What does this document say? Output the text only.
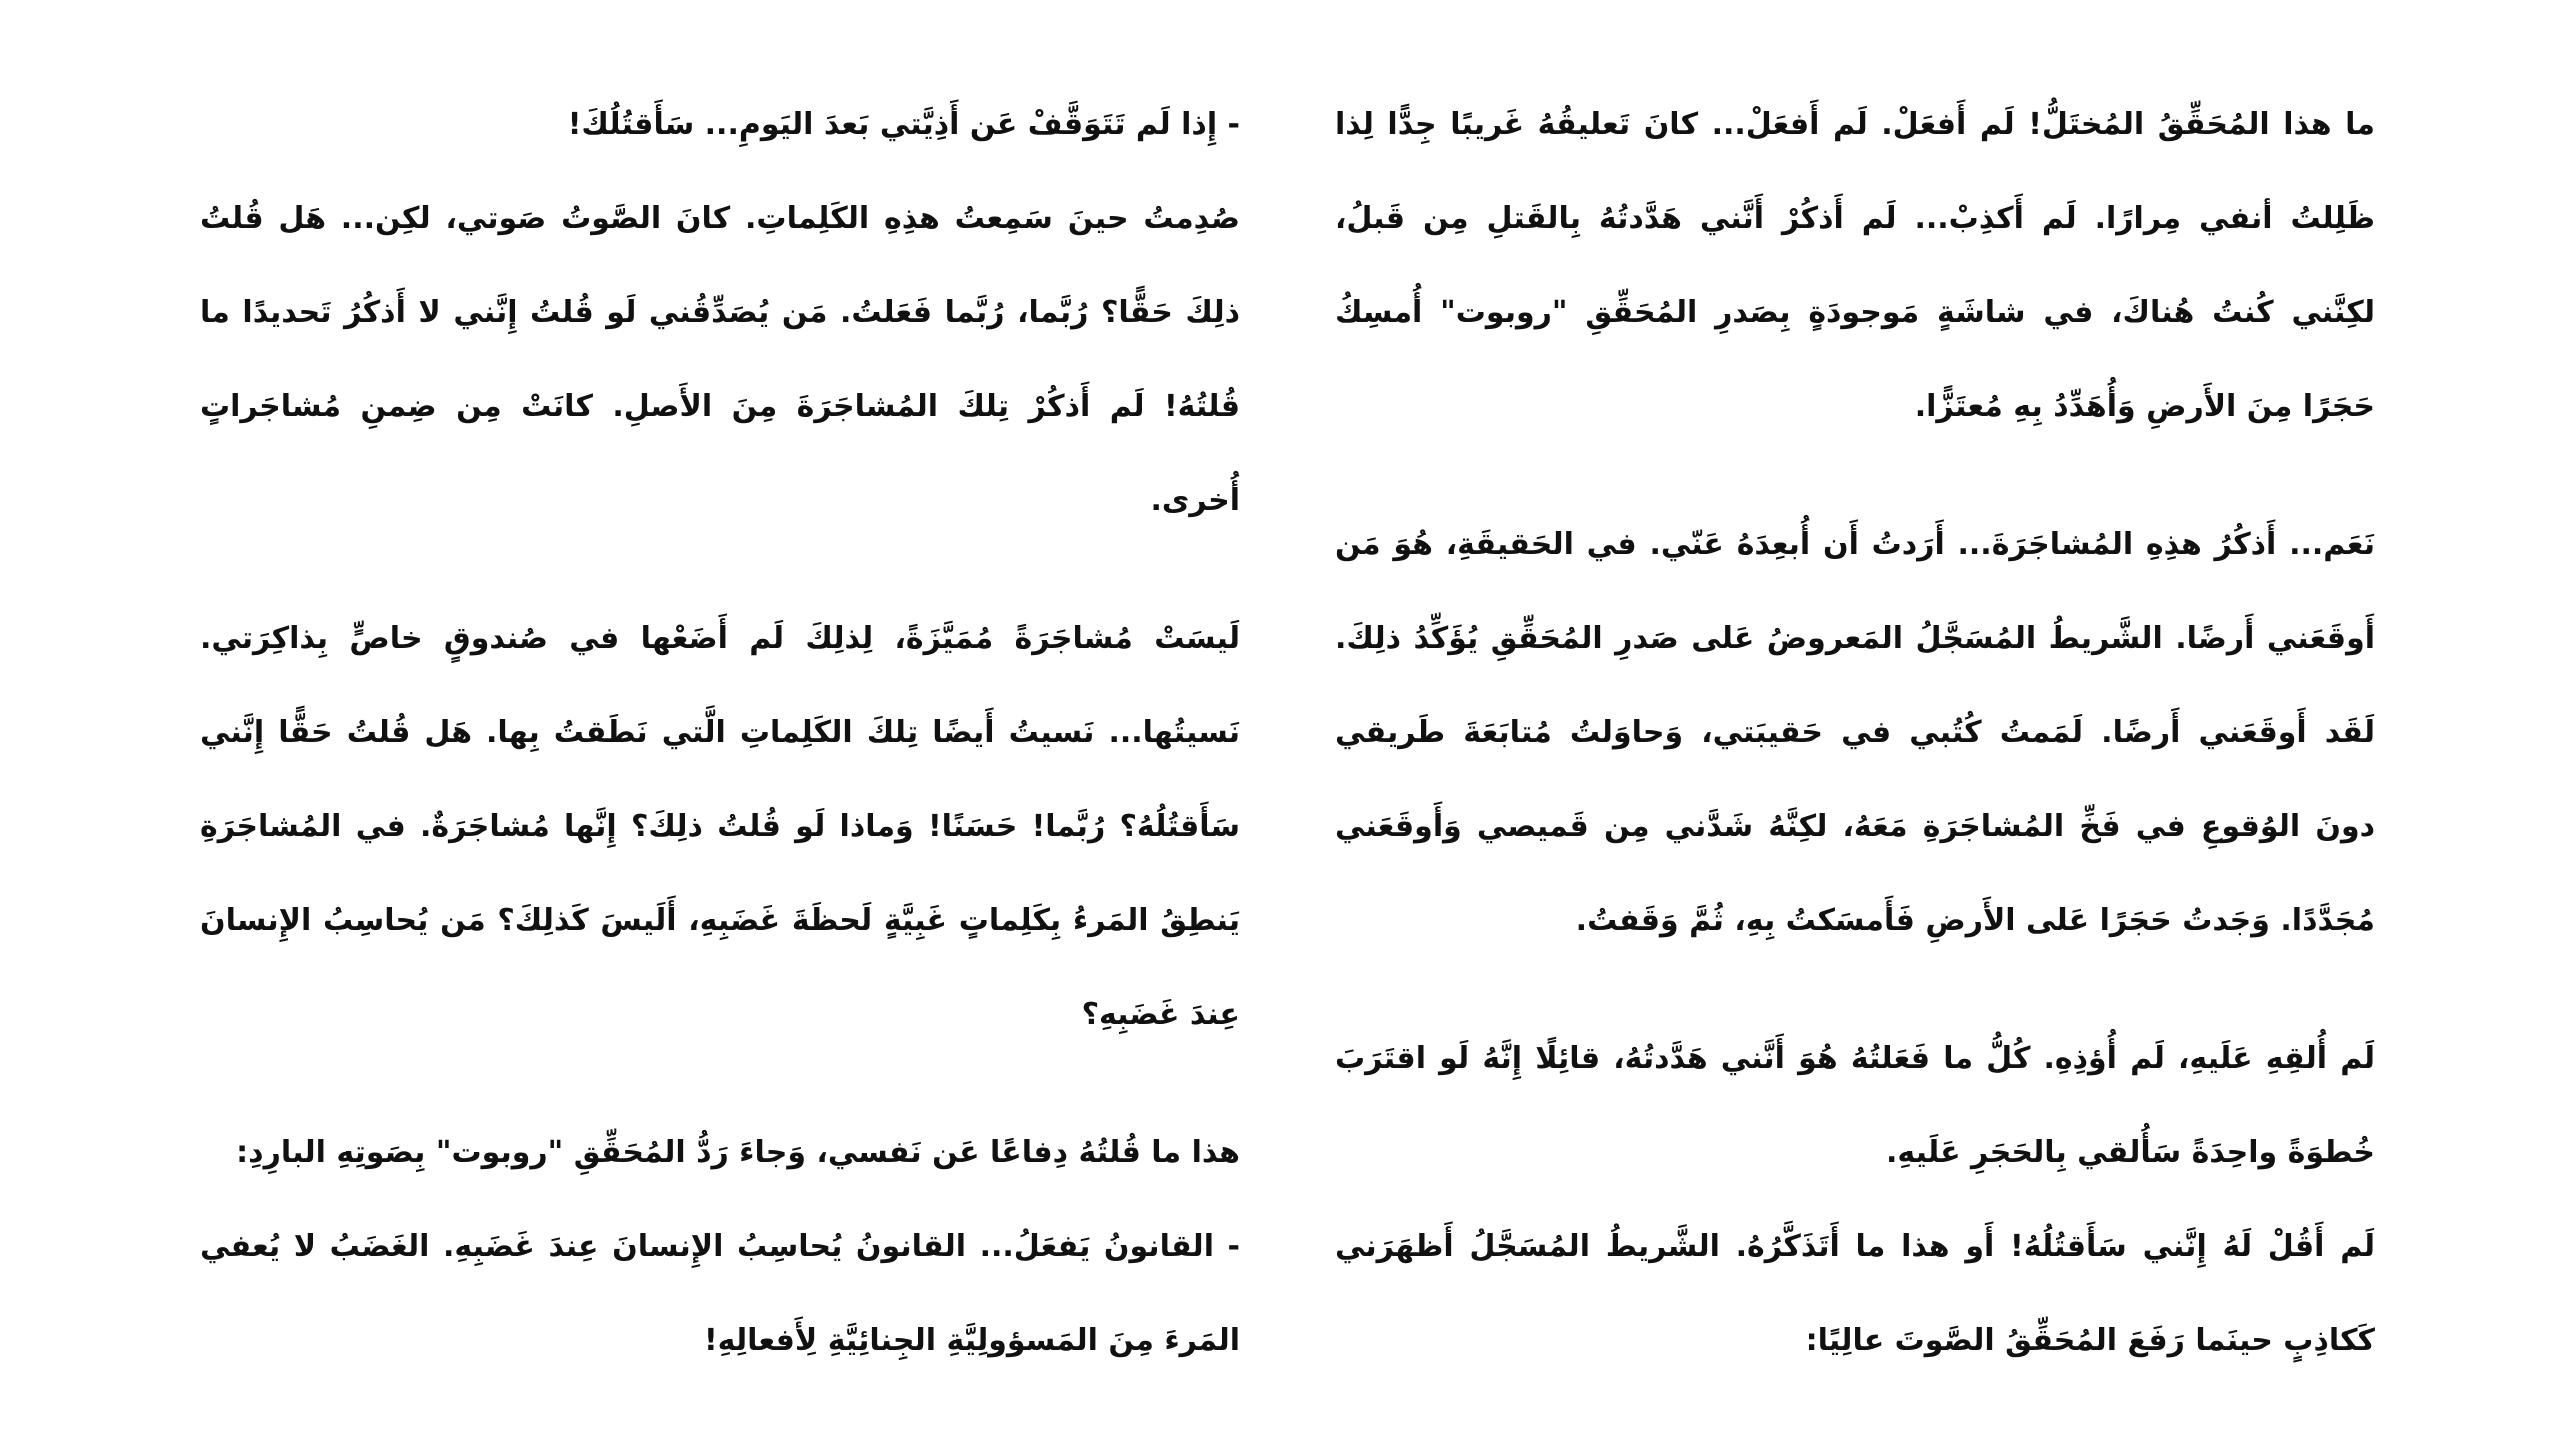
ما هذا المُحَقِّقُ المُختَلُّ! لَم أَفعَلْ. لَم أَفعَلْ... كانَ تَعليقُهُ غَريبًا جِدًّا لِذا ظَلِلتُ أنفي مِرارًا. لَم أَكذِبْ... لَم أَذكُرْ أَنَّني هَدَّدتُهُ بِالقَتلِ مِن قَبلُ، لكِنَّني كُنتُ هُناكَ، في شاشَةٍ مَوجودَةٍ بِصَدرِ المُحَقِّقِ "روبوت" أُمسِكُ حَجَرًا مِنَ الأَرضِ وَأُهَدِّدُ بِهِ مُعتَزًّا.

نَعَم... أَذكُرُ هذِهِ المُشاجَرَةَ... أَرَدتُ أَن أُبعِدَهُ عَنّي. في الحَقيقَةِ، هُوَ مَن أَوقَعَني أَرضًا. الشَّريطُ المُسَجَّلُ المَعروضُ عَلى صَدرِ المُحَقِّقِ يُؤَكِّدُ ذلِكَ. لَقَد أَوقَعَني أَرضًا. لَمَمتُ كُتُبي في حَقيبَتي، وَحاوَلتُ مُتابَعَةَ طَريقي دونَ الوُقوعِ في فَخِّ المُشاجَرَةِ مَعَهُ، لكِنَّهُ شَدَّني مِن قَميصي وَأَوقَعَني مُجَدَّدًا. وَجَدتُ حَجَرًا عَلى الأَرضِ فَأَمسَكتُ بِهِ، ثُمَّ وَقَفتُ.

لَم أُلقِهِ عَلَيهِ، لَم أُؤذِهِ. كُلُّ ما فَعَلتُهُ هُوَ أَنَّني هَدَّدتُهُ، قائِلًا إِنَّهُ لَو اقتَرَبَ خُطوَةً واحِدَةً سَأُلقي بِالحَجَرِ عَلَيهِ.

لَم أَقُلْ لَهُ إِنَّني سَأَقتُلُهُ! أَو هذا ما أَتَذَكَّرُهُ. الشَّريطُ المُسَجَّلُ أَظهَرَني كَكاذِبٍ حينَما رَفَعَ المُحَقِّقُ الصَّوتَ عالِيًا:

- إِذا لَم تَتَوَقَّفْ عَن أَذِيَّتي بَعدَ اليَومِ... سَأَقتُلُكَ!

صُدِمتُ حينَ سَمِعتُ هذِهِ الكَلِماتِ. كانَ الصَّوتُ صَوتي، لكِن... هَل قُلتُ ذلِكَ حَقًّا؟ رُبَّما، رُبَّما فَعَلتُ. مَن يُصَدِّقُني لَو قُلتُ إِنَّني لا أَذكُرُ تَحديدًا ما قُلتُهُ! لَم أَذكُرْ تِلكَ المُشاجَرَةَ مِنَ الأَصلِ. كانَتْ مِن ضِمنِ مُشاجَراتٍ أُخرى.

لَيسَتْ مُشاجَرَةً مُمَيَّزَةً، لِذلِكَ لَم أَضَعْها في صُندوقٍ خاصٍّ بِذاكِرَتي. نَسيتُها... نَسيتُ أَيضًا تِلكَ الكَلِماتِ الَّتي نَطَقتُ بِها. هَل قُلتُ حَقًّا إِنَّني سَأَقتُلُهُ؟ رُبَّما! حَسَنًا! وَماذا لَو قُلتُ ذلِكَ؟ إِنَّها مُشاجَرَةٌ. في المُشاجَرَةِ يَنطِقُ المَرءُ بِكَلِماتٍ غَبِيَّةٍ لَحظَةَ غَضَبِهِ، أَلَيسَ كَذلِكَ؟ مَن يُحاسِبُ الإِنسانَ عِندَ غَضَبِهِ؟

هذا ما قُلتُهُ دِفاعًا عَن نَفسي، وَجاءَ رَدُّ المُحَقِّقِ "روبوت" بِصَوتِهِ البارِدِ:

- القانونُ يَفعَلُ... القانونُ يُحاسِبُ الإِنسانَ عِندَ غَضَبِهِ. الغَضَبُ لا يُعفي المَرءَ مِنَ المَسؤولِيَّةِ الجِنائِيَّةِ لِأَفعالِهِ!
